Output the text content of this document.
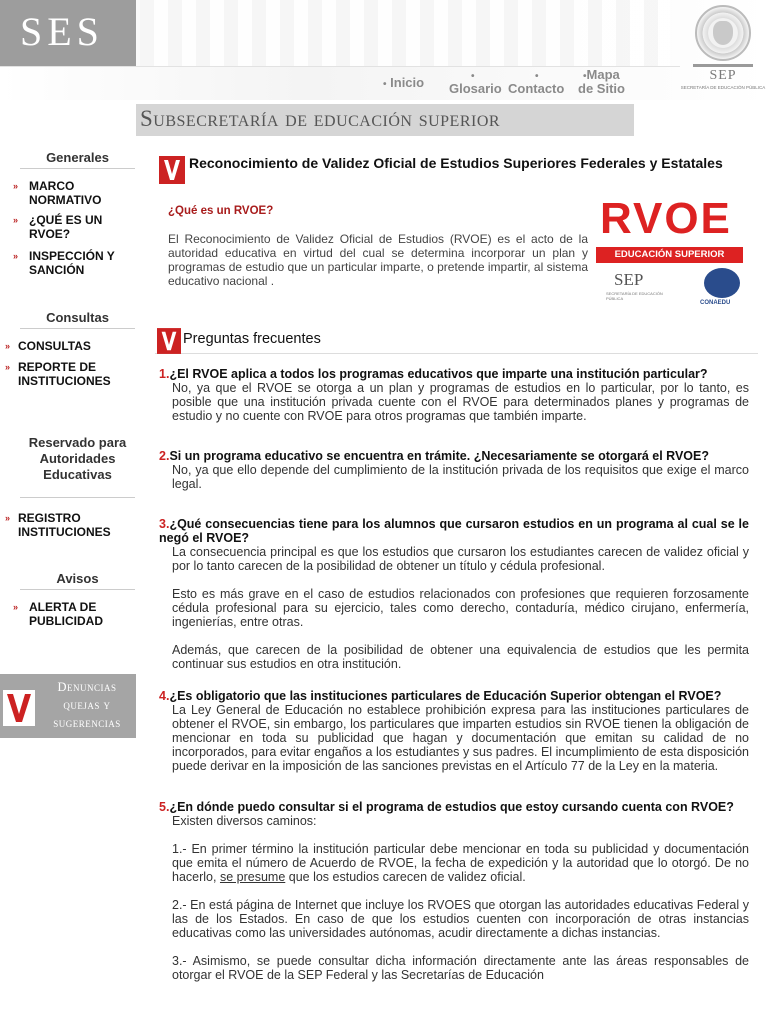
SES
• Inicio	•
Glosario
•
Contacto
•Mapa
de Sitio
SEP
SECRETARÍA DE EDUCACIÓN PÚBLICA
Subsecretaría de educación superior
Generales
» MARCO NORMATIVO
» ¿QUÉ ES UN RVOE?
» INSPECCIÓN Y SANCIÓN
Consultas
» CONSULTAS
» REPORTE DE INSTITUCIONES
Reservado para Autoridades Educativas
» REGISTRO INSTITUCIONES
Avisos
» ALERTA DE PUBLICIDAD
Denuncias
quejas y
sugerencias
Reconocimiento de Validez Oficial de Estudios Superiores Federales y Estatales
¿Qué es un RVOE?
El Reconocimiento de Validez Oficial de Estudios (RVOE) es el acto de la autoridad educativa en virtud del cual se determina incorporar un plan y programas de estudio que un particular imparte, o pretende impartir, al sistema educativo nacional .
RVOE
EDUCACIÓN SUPERIOR
SEP
SECRETARÍA DE EDUCACIÓN PÚBLICA
CONAEDU
Preguntas frecuentes
1.¿El RVOE aplica a todos los programas educativos que imparte una institución particular?

No, ya que el RVOE se otorga a un plan y programas de estudios en lo particular, por lo tanto, es posible que una institución privada cuente con el RVOE para determinados planes y programas de estudio y no cuente con RVOE para otros programas que también imparte.

2.Si un programa educativo se encuentra en trámite. ¿Necesariamente se otorgará el RVOE?

No, ya que ello depende del cumplimiento de la institución privada de los requisitos que exige el marco legal.

3.¿Qué consecuencias tiene para los alumnos que cursaron estudios en un programa al cual se le negó el RVOE?

La consecuencia principal es que los estudios que cursaron los estudiantes carecen de validez oficial y por lo tanto carecen de la posibilidad de obtener un título y cédula profesional.

Esto es más grave en el caso de estudios relacionados con profesiones que requieren forzosamente cédula profesional para su ejercicio, tales como derecho, contaduría, médico cirujano, enfermería, ingenierías, entre otras.

Además, que carecen de la posibilidad de obtener una equivalencia de estudios que les permita continuar sus estudios en otra institución.

4.¿Es obligatorio que las instituciones particulares de Educación Superior obtengan el RVOE?

La Ley General de Educación no establece prohibición expresa para las instituciones particulares de obtener el RVOE, sin embargo, los particulares que imparten estudios sin RVOE tienen la obligación de mencionar en toda su publicidad que hagan y documentación que emitan su calidad de no incorporados, para evitar engaños a los estudiantes y sus padres. El incumplimiento de esta disposición puede derivar en la imposición de las sanciones previstas en el Artículo 77 de la Ley en la materia.

5.¿En dónde puedo consultar si el programa de estudios que estoy cursando cuenta con RVOE?

Existen diversos caminos:

1.- En primer término la institución particular debe mencionar en toda su publicidad y documentación que emita el número de Acuerdo de RVOE, la fecha de expedición y la autoridad que lo otorgó. De no hacerlo, se presume que los estudios carecen de validez oficial.

2.- En está página de Internet que incluye los RVOES que otorgan las autoridades educativas Federal y las de los Estados. En caso de que los estudios cuenten con incorporación de otras instancias educativas como las universidades autónomas, acudir directamente a dichas instancias.

3.- Asimismo, se puede consultar dicha información directamente ante las áreas responsables de otorgar el RVOE de la SEP Federal y las Secretarías de Educación
